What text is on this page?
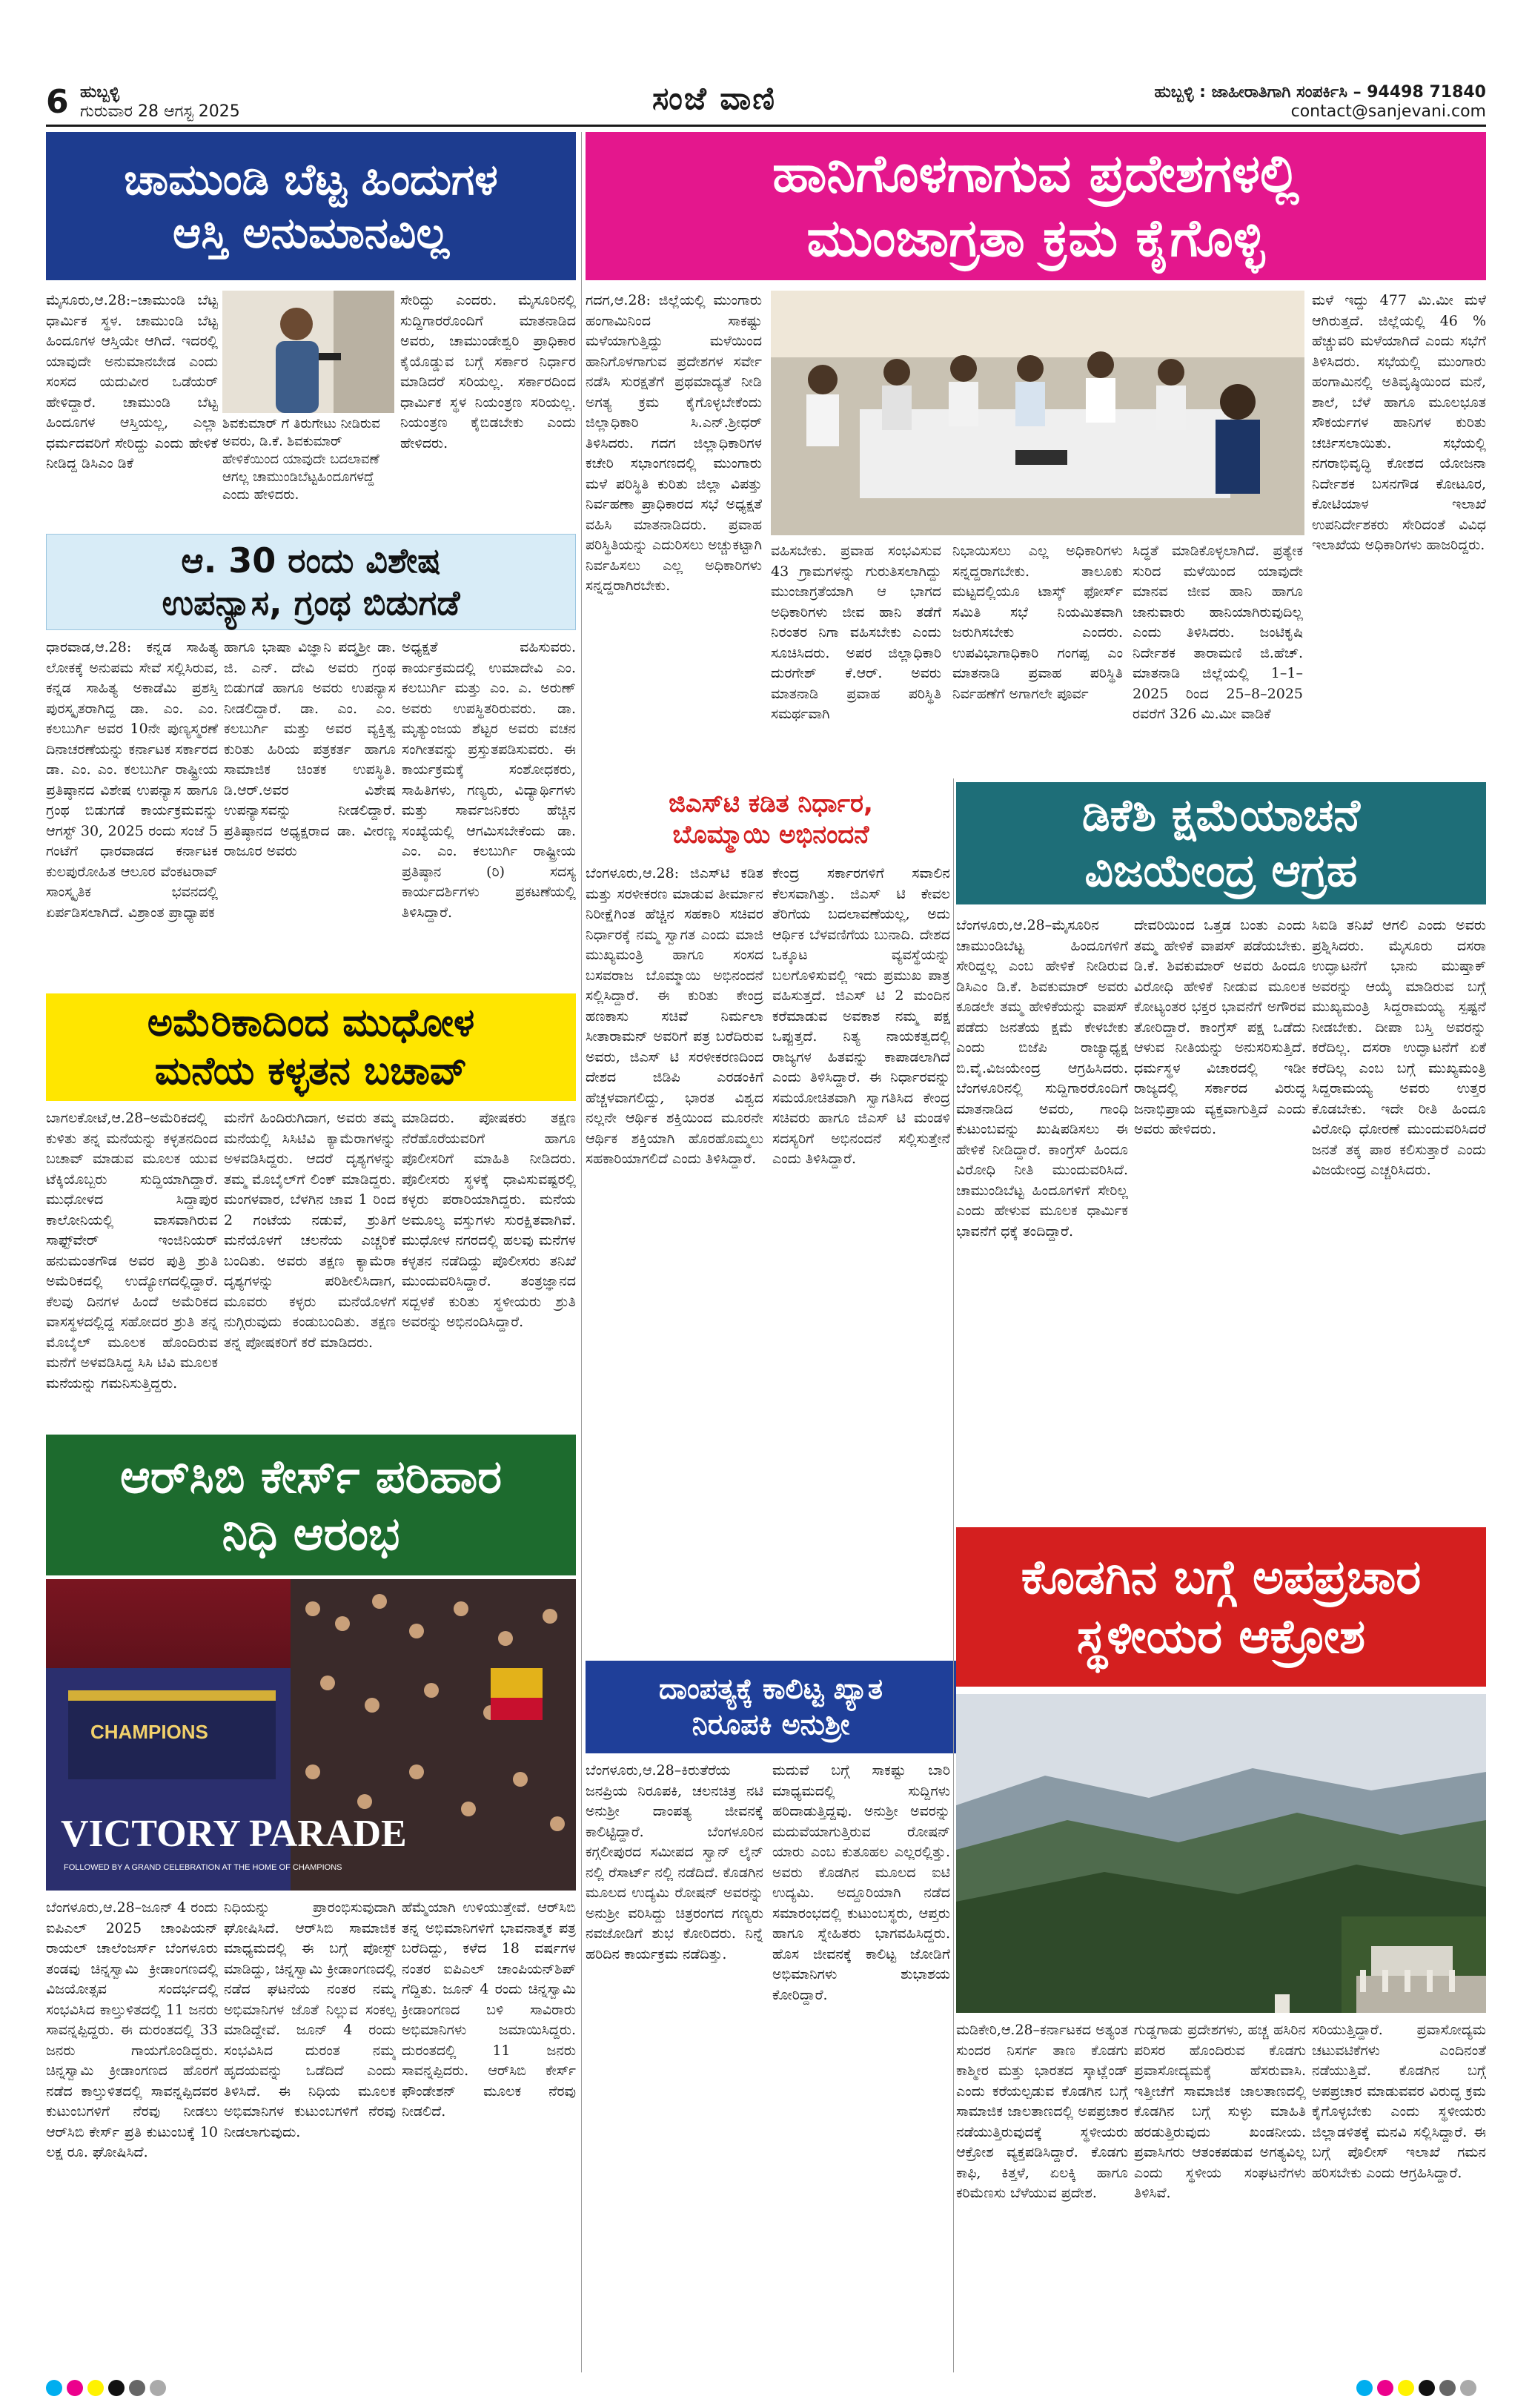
6 ಹುಬ್ಬಳ್ಳಿ
ಗುರುವಾರ 28 ಆಗಸ್ಟ 2025	ಸಂಜೆ ವಾಣಿ	ಹುಬ್ಬಳ್ಳಿ : ಜಾಹೀರಾತಿಗಾಗಿ ಸಂಪರ್ಕಿಸಿ – 94498 71840
contact@sanjevani.com
ಚಾಮುಂಡಿ ಬೆಟ್ಟ ಹಿಂದುಗಳ
ಆಸ್ತಿ ಅನುಮಾನವಿಲ್ಲ

ಮೈಸೂರು,ಆ.28:–ಚಾಮುಂಡಿ ಬೆಟ್ಟ ಧಾರ್ಮಿಕ ಸ್ಥಳ. ಚಾಮುಂಡಿ ಬೆಟ್ಟ ಹಿಂದೂಗಳ ಆಸ್ತಿಯೇ ಆಗಿದೆ. ಇದರಲ್ಲಿ ಯಾವುದೇ ಅನುಮಾನಬೇಡ ಎಂದು ಸಂಸದ ಯದುವೀರ ಒಡೆಯರ್ ಹೇಳಿದ್ದಾರೆ. ಚಾಮುಂಡಿ ಬೆಟ್ಟ ಹಿಂದೂಗಳ ಆಸ್ತಿಯಲ್ಲ, ಎಲ್ಲಾ ಧರ್ಮದವರಿಗೆ ಸೇರಿದ್ದು ಎಂದು ಹೇಳಿಕೆ ನೀಡಿದ್ದ ಡಿಸಿಎಂ ಡಿಕೆ

ಶಿವಕುಮಾರ್ ಗೆ ತಿರುಗೇಟು ನೀಡಿರುವ ಅವರು, ಡಿ.ಕೆ. ಶಿವಕುಮಾರ್ ಹೇಳಿಕೆಯಿಂದ ಯಾವುದೇ ಬದಲಾವಣೆ ಆಗಲ್ಲ ಚಾಮುಂಡಿಬೆಟ್ಟಹಿಂದೂಗಳದ್ದೆ ಎಂದು ಹೇಳಿದರು.

ಸೇರಿದ್ದು ಎಂದರು. ಮೈಸೂರಿನಲ್ಲಿ ಸುದ್ದಿಗಾರರೊಂದಿಗೆ ಮಾತನಾಡಿದ ಅವರು, ಚಾಮುಂಡೇಶ್ವರಿ ಪ್ರಾಧಿಕಾರ ಕೈಯೊಡ್ಡುವ ಬಗ್ಗೆ ಸರ್ಕಾರ ನಿರ್ಧಾರ ಮಾಡಿದರೆ ಸರಿಯಲ್ಲ. ಸರ್ಕಾರದಿಂದ ಧಾರ್ಮಿಕ ಸ್ಥಳ ನಿಯಂತ್ರಣ ಸರಿಯಲ್ಲ. ನಿಯಂತ್ರಣ ಕೈಬಿಡಬೇಕು ಎಂದು ಹೇಳಿದರು.

ಹಾನಿಗೊಳಗಾಗುವ ಪ್ರದೇಶಗಳಲ್ಲಿ
ಮುಂಜಾಗ್ರತಾ ಕ್ರಮ ಕೈಗೊಳ್ಳಿ

ಗದಗ,ಆ.28: ಜಿಲ್ಲೆಯಲ್ಲಿ ಮುಂಗಾರು ಹಂಗಾಮಿನಿಂದ ಸಾಕಷ್ಟು ಮಳೆಯಾಗುತ್ತಿದ್ದು ಮಳೆಯಿಂದ ಹಾನಿಗೊಳಗಾಗುವ ಪ್ರದೇಶಗಳ ಸರ್ವೇ ನಡೆಸಿ ಸುರಕ್ಷತೆಗೆ ಪ್ರಥಮಾದ್ಯತೆ ನೀಡಿ ಅಗತ್ಯ ಕ್ರಮ ಕೈಗೊಳ್ಳಬೇಕೆಂದು ಜಿಲ್ಲಾಧಿಕಾರಿ ಸಿ.ಎನ್.ಶ್ರೀಧರ್ ತಿಳಿಸಿದರು. ಗದಗ ಜಿಲ್ಲಾಧಿಕಾರಿಗಳ ಕಚೇರಿ ಸಭಾಂಗಣದಲ್ಲಿ ಮುಂಗಾರು ಮಳೆ ಪರಿಸ್ಥಿತಿ ಕುರಿತು ಜಿಲ್ಲಾ ವಿಪತ್ತು ನಿರ್ವಹಣಾ ಪ್ರಾಧಿಕಾರದ ಸಭೆ ಅಧ್ಯಕ್ಷತೆ ವಹಿಸಿ ಮಾತನಾಡಿದರು. ಪ್ರವಾಹ ಪರಿಸ್ಥಿತಿಯನ್ನು ಎದುರಿಸಲು ಅಚ್ಚುಕಟ್ಟಾಗಿ ನಿರ್ವಹಿಸಲು ಎಲ್ಲ ಅಧಿಕಾರಿಗಳು ಸನ್ನದ್ದರಾಗಿರಬೇಕು.

ವಹಿಸಬೇಕು. ಪ್ರವಾಹ ಸಂಭವಿಸುವ 43 ಗ್ರಾಮಗಳನ್ನು ಗುರುತಿಸಲಾಗಿದ್ದು ಮುಂಜಾಗ್ರತೆಯಾಗಿ ಆ ಭಾಗದ ಅಧಿಕಾರಿಗಳು ಜೀವ ಹಾನಿ ತಡೆಗೆ ನಿರಂತರ ನಿಗಾ ವಹಿಸಬೇಕು ಎಂದು ಸೂಚಿಸಿದರು. ಅಪರ ಜಿಲ್ಲಾಧಿಕಾರಿ ದುರಗೇಶ್ ಕೆ.ಆರ್. ಅವರು ಮಾತನಾಡಿ ಪ್ರವಾಹ ಪರಿಸ್ಥಿತಿ ಸಮರ್ಥವಾಗಿ

ನಿಭಾಯಿಸಲು ಎಲ್ಲ ಅಧಿಕಾರಿಗಳು ಸನ್ನದ್ದರಾಗಬೇಕು. ತಾಲೂಕು ಮಟ್ಟದಲ್ಲಿಯೂ ಟಾಸ್ಕ್ ಫೋರ್ಸ್ ಸಮಿತಿ ಸಭೆ ನಿಯಮಿತವಾಗಿ ಜರುಗಿಸಬೇಕು ಎಂದರು. ಉಪವಿಭಾಗಾಧಿಕಾರಿ ಗಂಗಪ್ಪ ಎಂ ಮಾತನಾಡಿ ಪ್ರವಾಹ ಪರಿಸ್ಥಿತಿ ನಿರ್ವಹಣೆಗೆ ಅಗಾಗಲೇ ಪೂರ್ವ

ಸಿದ್ಧತೆ ಮಾಡಿಕೊಳ್ಳಲಾಗಿದೆ. ಪ್ರತ್ಯೇಕ ಸುರಿದ ಮಳೆಯಿಂದ ಯಾವುದೇ ಮಾನವ ಜೀವ ಹಾನಿ ಹಾಗೂ ಜಾನುವಾರು ಹಾನಿಯಾಗಿರುವುದಿಲ್ಲ ಎಂದು ತಿಳಿಸಿದರು. ಜಂಟಿಕೃಷಿ ನಿರ್ದೇಶಕ ತಾರಾಮಣಿ ಜಿ.ಹೆಚ್. ಮಾತನಾಡಿ ಜಿಲ್ಲೆಯಲ್ಲಿ 1–1–2025 ರಿಂದ 25–8–2025 ರವರೆಗೆ 326 ಮಿ.ಮೀ ವಾಡಿಕೆ

ಮಳೆ ಇದ್ದು 477 ಮಿ.ಮೀ ಮಳೆ ಆಗಿರುತ್ತದೆ. ಜಿಲ್ಲೆಯಲ್ಲಿ 46 % ಹೆಚ್ಚುವರಿ ಮಳೆಯಾಗಿದೆ ಎಂದು ಸಭೆಗೆ ತಿಳಿಸಿದರು. ಸಭೆಯಲ್ಲಿ ಮುಂಗಾರು ಹಂಗಾಮಿನಲ್ಲಿ ಅತಿವೃಷ್ಠಿಯಿಂದ ಮನೆ, ಶಾಲೆ, ಬೆಳೆ ಹಾಗೂ ಮೂಲಭೂತ ಸೌಕರ್ಯಗಳ ಹಾನಿಗಳ ಕುರಿತು ಚರ್ಚಿಸಲಾಯಿತು. ಸಭೆಯಲ್ಲಿ ನಗರಾಭಿವೃದ್ಧಿ ಕೋಶದ ಯೋಜನಾ ನಿರ್ದೇಶಕ ಬಸನಗೌಡ ಕೋಟೂರ, ಕೋಟಿಯಾಳ ಇಲಾಖೆ ಉಪನಿರ್ದೇಶಕರು ಸೇರಿದಂತೆ ವಿವಿಧ ಇಲಾಖೆಯ ಅಧಿಕಾರಿಗಳು ಹಾಜರಿದ್ದರು.

ಆ. 30 ರಂದು ವಿಶೇಷ
ಉಪನ್ಯಾಸ, ಗ್ರಂಥ ಬಿಡುಗಡೆ

ಧಾರವಾಡ,ಆ.28: ಕನ್ನಡ ಸಾಹಿತ್ಯ ಲೋಕಕ್ಕೆ ಅನುಪಮ ಸೇವೆ ಸಲ್ಲಿಸಿರುವ, ಕನ್ನಡ ಸಾಹಿತ್ಯ ಅಕಾಡೆಮಿ ಪ್ರಶಸ್ತಿ ಪುರಸ್ಕೃತರಾಗಿದ್ದ ಡಾ. ಎಂ. ಎಂ. ಕಲಬುರ್ಗಿ ಅವರ 10ನೇ ಪುಣ್ಯಸ್ಮರಣೆ ದಿನಾಚರಣೆಯನ್ನು ಕರ್ನಾಟಕ ಸರ್ಕಾರದ ಡಾ. ಎಂ. ಎಂ. ಕಲಬುರ್ಗಿ ರಾಷ್ಟ್ರೀಯ ಪ್ರತಿಷ್ಠಾನದ ವಿಶೇಷ ಉಪನ್ಯಾಸ ಹಾಗೂ ಗ್ರಂಥ ಬಿಡುಗಡೆ ಕಾರ್ಯಕ್ರಮವನ್ನು ಆಗಸ್ಟ್ 30, 2025 ರಂದು ಸಂಜೆ 5 ಗಂಟೆಗೆ ಧಾರವಾಡದ ಕರ್ನಾಟಕ ಕುಲಪುರೋಹಿತ ಆಲೂರ ವೆಂಕಟರಾವ್ ಸಾಂಸ್ಕೃತಿಕ ಭವನದಲ್ಲಿ ಏರ್ಪಡಿಸಲಾಗಿದೆ. ವಿಶ್ರಾಂತ ಪ್ರಾಧ್ಯಾಪಕ

ಹಾಗೂ ಭಾಷಾ ವಿಜ್ಞಾನಿ ಪದ್ಮಶ್ರೀ ಡಾ. ಜಿ. ಎನ್. ದೇವಿ ಅವರು ಗ್ರಂಥ ಬಿಡುಗಡೆ ಹಾಗೂ ಅವರು ಉಪನ್ಯಾಸ ನೀಡಲಿದ್ದಾರೆ. ಡಾ. ಎಂ. ಎಂ. ಕಲಬುರ್ಗಿ ಮತ್ತು ಅವರ ವ್ಯಕ್ತಿತ್ವ ಕುರಿತು ಹಿರಿಯ ಪತ್ರಕರ್ತ ಹಾಗೂ ಸಾಮಾಜಿಕ ಚಿಂತಕ ಉಪಸ್ಥಿತಿ. ಡಿ.ಆರ್.ಅವರ ವಿಶೇಷ ಉಪನ್ಯಾಸವನ್ನು ನೀಡಲಿದ್ದಾರೆ. ಪ್ರತಿಷ್ಠಾನದ ಅಧ್ಯಕ್ಷರಾದ ಡಾ. ವೀರಣ್ಣ ರಾಜೂರ ಅವರು

ಅಧ್ಯಕ್ಷತೆ ವಹಿಸುವರು. ಕಾರ್ಯಕ್ರಮದಲ್ಲಿ ಉಮಾದೇವಿ ಎಂ. ಕಲಬುರ್ಗಿ ಮತ್ತು ಎಂ. ಎ. ಅರುಣ್ ಅವರು ಉಪಸ್ಥಿತರಿರುವರು. ಡಾ. ಮೃತ್ಯುಂಜಯ ಶೆಟ್ಟರ ಅವರು ವಚನ ಸಂಗೀತವನ್ನು ಪ್ರಸ್ತುತಪಡಿಸುವರು. ಈ ಕಾರ್ಯಕ್ರಮಕ್ಕೆ ಸಂಶೋಧಕರು, ಸಾಹಿತಿಗಳು, ಗಣ್ಯರು, ವಿದ್ಯಾರ್ಥಿಗಳು ಮತ್ತು ಸಾರ್ವಜನಿಕರು ಹೆಚ್ಚಿನ ಸಂಖ್ಯೆಯಲ್ಲಿ ಆಗಮಿಸಬೇಕೆಂದು ಡಾ. ಎಂ. ಎಂ. ಕಲಬುರ್ಗಿ ರಾಷ್ಟ್ರೀಯ ಪ್ರತಿಷ್ಠಾನ (ರಿ) ಸದಸ್ಯ ಕಾರ್ಯದರ್ಶಿಗಳು ಪ್ರಕಟಣೆಯಲ್ಲಿ ತಿಳಿಸಿದ್ದಾರೆ.

ಜಿಎಸ್‌ಟಿ ಕಡಿತ ನಿರ್ಧಾರ,
ಬೊಮ್ಮಾಯಿ ಅಭಿನಂದನೆ

ಬೆಂಗಳೂರು,ಆ.28: ಜಿಎಸ್‌ಟಿ ಕಡಿತ ಮತ್ತು ಸರಳೀಕರಣ ಮಾಡುವ ತೀರ್ಮಾನ ನಿರೀಕ್ಷೆಗಿಂತ ಹೆಚ್ಚಿನ ಸಹಕಾರಿ ಸಚಿವರ ನಿರ್ಧಾರಕ್ಕೆ ನಮ್ಮ ಸ್ವಾಗತ ಎಂದು ಮಾಜಿ ಮುಖ್ಯಮಂತ್ರಿ ಹಾಗೂ ಸಂಸದ ಬಸವರಾಜ ಬೊಮ್ಮಾಯಿ ಅಭಿನಂದನೆ ಸಲ್ಲಿಸಿದ್ದಾರೆ. ಈ ಕುರಿತು ಕೇಂದ್ರ ಹಣಕಾಸು ಸಚಿವೆ ನಿರ್ಮಲಾ ಸೀತಾರಾಮನ್ ಅವರಿಗೆ ಪತ್ರ ಬರೆದಿರುವ ಅವರು, ಜಿಎಸ್ ಟಿ ಸರಳೀಕರಣದಿಂದ ದೇಶದ ಜಿಡಿಪಿ ಎರಡಂಕಿಗೆ ಹೆಚ್ಚಳವಾಗಲಿದ್ದು, ಭಾರತ ವಿಶ್ವದ ನಲ್ಲನೇ ಆರ್ಥಿಕ ಶಕ್ತಿಯಿಂದ ಮೂರನೇ ಆರ್ಥಿಕ ಶಕ್ತಿಯಾಗಿ ಹೊರಹೊಮ್ಮಲು ಸಹಕಾರಿಯಾಗಲಿದೆ ಎಂದು ತಿಳಿಸಿದ್ದಾರೆ.

ಕೇಂದ್ರ ಸರ್ಕಾರಗಳಿಗೆ ಸವಾಲಿನ ಕೆಲಸವಾಗಿತ್ತು. ಜಿಎಸ್ ಟಿ ಕೇವಲ ತೆರಿಗೆಯ ಬದಲಾವಣೆಯಲ್ಲ, ಅದು ಆರ್ಥಿಕ ಬೆಳವಣಿಗೆಯ ಬುನಾದಿ. ದೇಶದ ಒಕ್ಕೂಟ ವ್ಯವಸ್ಥೆಯನ್ನು ಬಲಗೊಳಿಸುವಲ್ಲಿ ಇದು ಪ್ರಮುಖ ಪಾತ್ರ ವಹಿಸುತ್ತದೆ. ಜಿಎಸ್ ಟಿ 2 ಮಂದಿನ ಕರೆಮಾಡುವ ಅವಕಾಶ ನಮ್ಮ ಪಕ್ಷ ಒಪ್ಪುತ್ತದೆ. ನಿತ್ಯ ನಾಯಕತ್ವದಲ್ಲಿ ರಾಜ್ಯಗಳ ಹಿತವನ್ನು ಕಾಪಾಡಲಾಗಿದೆ ಎಂದು ತಿಳಿಸಿದ್ದಾರೆ. ಈ ನಿರ್ಧಾರವನ್ನು ಸಮಯೋಚಿತವಾಗಿ ಸ್ವಾಗತಿಸಿದ ಕೇಂದ್ರ ಸಚಿವರು ಹಾಗೂ ಜಿಎಸ್ ಟಿ ಮಂಡಳಿ ಸದಸ್ಯರಿಗೆ ಅಭಿನಂದನೆ ಸಲ್ಲಿಸುತ್ತೇನೆ ಎಂದು ತಿಳಿಸಿದ್ದಾರೆ.

ಅಮೆರಿಕಾದಿಂದ ಮುಧೋಳ
ಮನೆಯ ಕಳ್ಳತನ ಬಚಾವ್

ಬಾಗಲಕೋಟೆ,ಆ.28–ಅಮೆರಿಕದಲ್ಲಿ ಕುಳಿತು ತನ್ನ ಮನೆಯನ್ನು ಕಳ್ಳತನದಿಂದ ಬಚಾವ್ ಮಾಡುವ ಮೂಲಕ ಯುವ ಟೆಕ್ಕಿಯೊಬ್ಬರು ಸುದ್ದಿಯಾಗಿದ್ದಾರೆ. ಮುಧೋಳದ ಸಿದ್ದಾಪುರ ಕಾಲೋನಿಯಲ್ಲಿ ವಾಸವಾಗಿರುವ ಸಾಫ್ಟ್‌ವೇರ್ ಇಂಜಿನಿಯರ್ ಹನುಮಂತಗೌಡ ಅವರ ಪುತ್ರಿ ಶ್ರುತಿ ಅಮೆರಿಕದಲ್ಲಿ ಉದ್ಯೋಗದಲ್ಲಿದ್ದಾರೆ. ಕೆಲವು ದಿನಗಳ ಹಿಂದೆ ಅಮೆರಿಕದ ವಾಸಸ್ಥಳದಲ್ಲಿದ್ದ ಸಹೋದರ ಶ್ರುತಿ ತನ್ನ ಮೊಬೈಲ್ ಮೂಲಕ ಹೊಂದಿರುವ ಮನೆಗೆ ಅಳವಡಿಸಿದ್ದ ಸಿಸಿ ಟಿವಿ ಮೂಲಕ ಮನೆಯನ್ನು ಗಮನಿಸುತ್ತಿದ್ದರು.

ಮನೆಗೆ ಹಿಂದಿರುಗಿದಾಗ, ಅವರು ತಮ್ಮ ಮನೆಯಲ್ಲಿ ಸಿಸಿಟಿವಿ ಕ್ಯಾಮೆರಾಗಳನ್ನು ಅಳವಡಿಸಿದ್ದರು. ಆದರೆ ದೃಶ್ಯಗಳನ್ನು ತಮ್ಮ ಮೊಬೈಲ್‌ಗೆ ಲಿಂಕ್ ಮಾಡಿದ್ದರು. ಮಂಗಳವಾರ, ಬೆಳಗಿನ ಜಾವ 1 ರಿಂದ 2 ಗಂಟೆಯ ನಡುವೆ, ಶ್ರುತಿಗೆ ಮನೆಯೊಳಗೆ ಚಲನೆಯ ಎಚ್ಚರಿಕೆ ಬಂದಿತು. ಅವರು ತಕ್ಷಣ ಕ್ಯಾಮೆರಾ ದೃಶ್ಯಗಳನ್ನು ಪರಿಶೀಲಿಸಿದಾಗ, ಮೂವರು ಕಳ್ಳರು ಮನೆಯೊಳಗೆ ನುಗ್ಗಿರುವುದು ಕಂಡುಬಂದಿತು. ತಕ್ಷಣ ತನ್ನ ಪೋಷಕರಿಗೆ ಕರೆ ಮಾಡಿದರು.

ಮಾಡಿದರು. ಪೋಷಕರು ತಕ್ಷಣ ನೆರೆಹೊರೆಯವರಿಗೆ ಹಾಗೂ ಪೊಲೀಸರಿಗೆ ಮಾಹಿತಿ ನೀಡಿದರು. ಪೊಲೀಸರು ಸ್ಥಳಕ್ಕೆ ಧಾವಿಸುವಷ್ಟರಲ್ಲಿ ಕಳ್ಳರು ಪರಾರಿಯಾಗಿದ್ದರು. ಮನೆಯ ಅಮೂಲ್ಯ ವಸ್ತುಗಳು ಸುರಕ್ಷಿತವಾಗಿವೆ. ಮುಧೋಳ ನಗರದಲ್ಲಿ ಹಲವು ಮನೆಗಳ ಕಳ್ಳತನ ನಡೆದಿದ್ದು ಪೊಲೀಸರು ತನಿಖೆ ಮುಂದುವರಿಸಿದ್ದಾರೆ. ತಂತ್ರಜ್ಞಾನದ ಸದ್ಬಳಕೆ ಕುರಿತು ಸ್ಥಳೀಯರು ಶ್ರುತಿ ಅವರನ್ನು ಅಭಿನಂದಿಸಿದ್ದಾರೆ.

ಡಿಕೆಶಿ ಕ್ಷಮೆಯಾಚನೆ
ವಿಜಯೇಂದ್ರ ಆಗ್ರಹ

ಬೆಂಗಳೂರು,ಆ.28–ಮೈಸೂರಿನ ಚಾಮುಂಡಿಬೆಟ್ಟ ಹಿಂದೂಗಳಿಗೆ ಸೇರಿದ್ದಲ್ಲ ಎಂಬ ಹೇಳಿಕೆ ನೀಡಿರುವ ಡಿಸಿಎಂ ಡಿ.ಕೆ. ಶಿವಕುಮಾರ್ ಅವರು ಕೂಡಲೇ ತಮ್ಮ ಹೇಳಿಕೆಯನ್ನು ವಾಪಸ್ ಪಡೆದು ಜನತೆಯ ಕ್ಷಮೆ ಕೇಳಬೇಕು ಎಂದು ಬಿಜೆಪಿ ರಾಜ್ಯಾಧ್ಯಕ್ಷ ಬಿ.ವೈ.ವಿಜಯೇಂದ್ರ ಆಗ್ರಹಿಸಿದರು. ಬೆಂಗಳೂರಿನಲ್ಲಿ ಸುದ್ದಿಗಾರರೊಂದಿಗೆ ಮಾತನಾಡಿದ ಅವರು, ಗಾಂಧಿ ಕುಟುಂಬವನ್ನು ಖುಷಿಪಡಿಸಲು ಈ ಹೇಳಿಕೆ ನೀಡಿದ್ದಾರೆ. ಕಾಂಗ್ರೆಸ್ ಹಿಂದೂ ವಿರೋಧಿ ನೀತಿ ಮುಂದುವರಿಸಿದೆ. ಚಾಮುಂಡಿಬೆಟ್ಟ ಹಿಂದೂಗಳಿಗೆ ಸೇರಿಲ್ಲ ಎಂದು ಹೇಳುವ ಮೂಲಕ ಧಾರ್ಮಿಕ ಭಾವನೆಗೆ ಧಕ್ಕೆ ತಂದಿದ್ದಾರೆ.

ದೇವರಿಯಿಂದ ಒತ್ತಡ ಬಂತು ಎಂದು ತಮ್ಮ ಹೇಳಿಕೆ ವಾಪಸ್ ಪಡೆಯಬೇಕು. ಡಿ.ಕೆ. ಶಿವಕುಮಾರ್ ಅವರು ಹಿಂದೂ ವಿರೋಧಿ ಹೇಳಿಕೆ ನೀಡುವ ಮೂಲಕ ಕೋಟ್ಯಂತರ ಭಕ್ತರ ಭಾವನೆಗೆ ಅಗೌರವ ತೋರಿದ್ದಾರೆ. ಕಾಂಗ್ರೆಸ್ ಪಕ್ಷ ಒಡೆದು ಆಳುವ ನೀತಿಯನ್ನು ಅನುಸರಿಸುತ್ತಿದೆ. ಧರ್ಮಸ್ಥಳ ವಿಚಾರದಲ್ಲಿ ಇಡೀ ರಾಜ್ಯದಲ್ಲಿ ಸರ್ಕಾರದ ವಿರುದ್ಧ ಜನಾಭಿಪ್ರಾಯ ವ್ಯಕ್ತವಾಗುತ್ತಿದೆ ಎಂದು ಅವರು ಹೇಳಿದರು.

ಸಿಐಡಿ ತನಿಖೆ ಆಗಲಿ ಎಂದು ಅವರು ಪ್ರಶ್ನಿಸಿದರು. ಮೈಸೂರು ದಸರಾ ಉದ್ಘಾಟನೆಗೆ ಭಾನು ಮುಷ್ತಾಕ್ ಅವರನ್ನು ಆಯ್ಕೆ ಮಾಡಿರುವ ಬಗ್ಗೆ ಮುಖ್ಯಮಂತ್ರಿ ಸಿದ್ದರಾಮಯ್ಯ ಸ್ಪಷ್ಟನೆ ನೀಡಬೇಕು. ದೀಪಾ ಬಸ್ತಿ ಅವರನ್ನು ಕರೆದಿಲ್ಲ. ದಸರಾ ಉದ್ಘಾಟನೆಗೆ ಏಕೆ ಕರೆದಿಲ್ಲ ಎಂಬ ಬಗ್ಗೆ ಮುಖ್ಯಮಂತ್ರಿ ಸಿದ್ದರಾಮಯ್ಯ ಅವರು ಉತ್ತರ ಕೊಡಬೇಕು. ಇದೇ ರೀತಿ ಹಿಂದೂ ವಿರೋಧಿ ಧೋರಣೆ ಮುಂದುವರಿಸಿದರೆ ಜನತೆ ತಕ್ಕ ಪಾಠ ಕಲಿಸುತ್ತಾರೆ ಎಂದು ವಿಜಯೇಂದ್ರ ಎಚ್ಚರಿಸಿದರು.

ಆರ್‌ಸಿಬಿ ಕೇರ್ಸ್ ಪರಿಹಾರ
ನಿಧಿ ಆರಂಭ
CHAMPIONS
VICTORY PARADE
FOLLOWED BY A GRAND CELEBRATION AT THE HOME OF CHAMPIONS

ಬೆಂಗಳೂರು,ಆ.28–ಜೂನ್ 4 ರಂದು ಐಪಿಎಲ್ 2025 ಚಾಂಪಿಯನ್ ರಾಯಲ್ ಚಾಲೆಂಜರ್ಸ್ ಬೆಂಗಳೂರು ತಂಡವು ಚಿನ್ನಸ್ವಾಮಿ ಕ್ರೀಡಾಂಗಣದಲ್ಲಿ ವಿಜಯೋತ್ಸವ ಸಂದರ್ಭದಲ್ಲಿ ಸಂಭವಿಸಿದ ಕಾಲ್ತುಳಿತದಲ್ಲಿ 11 ಜನರು ಸಾವನ್ನಪ್ಪಿದ್ದರು. ಈ ದುರಂತದಲ್ಲಿ 33 ಜನರು ಗಾಯಗೊಂಡಿದ್ದರು. ಚಿನ್ನಸ್ವಾಮಿ ಕ್ರೀಡಾಂಗಣದ ಹೊರಗೆ ನಡೆದ ಕಾಲ್ತುಳಿತದಲ್ಲಿ ಸಾವನ್ನಪ್ಪಿದವರ ಕುಟುಂಬಗಳಿಗೆ ನೆರವು ನೀಡಲು ಆರ್‌ಸಿಬಿ ಕೇರ್ಸ್ ಪ್ರತಿ ಕುಟುಂಬಕ್ಕೆ 10 ಲಕ್ಷ ರೂ. ಘೋಷಿಸಿದೆ.

ನಿಧಿಯನ್ನು ಪ್ರಾರಂಭಿಸುವುದಾಗಿ ಘೋಷಿಸಿದೆ. ಆರ್‌ಸಿಬಿ ಸಾಮಾಜಿಕ ಮಾಧ್ಯಮದಲ್ಲಿ ಈ ಬಗ್ಗೆ ಪೋಸ್ಟ್ ಮಾಡಿದ್ದು, ಚಿನ್ನಸ್ವಾಮಿ ಕ್ರೀಡಾಂಗಣದಲ್ಲಿ ನಡೆದ ಘಟನೆಯ ನಂತರ ನಮ್ಮ ಅಭಿಮಾನಿಗಳ ಜೊತೆ ನಿಲ್ಲುವ ಸಂಕಲ್ಪ ಮಾಡಿದ್ದೇವೆ. ಜೂನ್ 4 ರಂದು ಸಂಭವಿಸಿದ ದುರಂತ ನಮ್ಮ ಹೃದಯವನ್ನು ಒಡೆದಿದೆ ಎಂದು ತಿಳಿಸಿದೆ. ಈ ನಿಧಿಯ ಮೂಲಕ ಅಭಿಮಾನಿಗಳ ಕುಟುಂಬಗಳಿಗೆ ನೆರವು ನೀಡಲಾಗುವುದು.

ಹೆಮ್ಮೆಯಾಗಿ ಉಳಿಯುತ್ತೇವೆ. ಆರ್‌ಸಿಬಿ ತನ್ನ ಅಭಿಮಾನಿಗಳಿಗೆ ಭಾವನಾತ್ಮಕ ಪತ್ರ ಬರೆದಿದ್ದು, ಕಳೆದ 18 ವರ್ಷಗಳ ನಂತರ ಐಪಿಎಲ್ ಚಾಂಪಿಯನ್‌ಶಿಪ್ ಗೆದ್ದಿತು. ಜೂನ್ 4 ರಂದು ಚಿನ್ನಸ್ವಾಮಿ ಕ್ರೀಡಾಂಗಣದ ಬಳಿ ಸಾವಿರಾರು ಅಭಿಮಾನಿಗಳು ಜಮಾಯಿಸಿದ್ದರು. ದುರಂತದಲ್ಲಿ 11 ಜನರು ಸಾವನ್ನಪ್ಪಿದರು. ಆರ್‌ಸಿಬಿ ಕೇರ್ಸ್ ಫೌಂಡೇಶನ್ ಮೂಲಕ ನೆರವು ನೀಡಲಿದೆ.

ದಾಂಪತ್ಯಕ್ಕೆ ಕಾಲಿಟ್ಟ ಖ್ಯಾತ
ನಿರೂಪಕಿ ಅನುಶ್ರೀ

ಬೆಂಗಳೂರು,ಆ.28–ಕಿರುತೆರೆಯ ಜನಪ್ರಿಯ ನಿರೂಪಕಿ, ಚಲನಚಿತ್ರ ನಟಿ ಅನುಶ್ರೀ ದಾಂಪತ್ಯ ಜೀವನಕ್ಕೆ ಕಾಲಿಟ್ಟಿದ್ದಾರೆ. ಬೆಂಗಳೂರಿನ ಕಗ್ಗಲೀಪುರದ ಸಮೀಪದ ಸ್ವಾನ್ ಲೈನ್ ನಲ್ಲಿ ರೆಸಾರ್ಟ್ ನಲ್ಲಿ ನಡೆದಿದೆ. ಕೊಡಗಿನ ಮೂಲದ ಉದ್ಯಮಿ ರೋಷನ್ ಅವರನ್ನು ಅನುಶ್ರೀ ವರಿಸಿದ್ದು ಚಿತ್ರರಂಗದ ಗಣ್ಯರು ನವಜೋಡಿಗೆ ಶುಭ ಕೋರಿದರು. ನಿನ್ನೆ ಹರಿದಿನ ಕಾರ್ಯಕ್ರಮ ನಡೆದಿತ್ತು.

ಮದುವೆ ಬಗ್ಗೆ ಸಾಕಷ್ಟು ಬಾರಿ ಮಾಧ್ಯಮದಲ್ಲಿ ಸುದ್ದಿಗಳು ಹರಿದಾಡುತ್ತಿದ್ದವು. ಅನುಶ್ರೀ ಅವರನ್ನು ಮದುವೆಯಾಗುತ್ತಿರುವ ರೋಷನ್ ಯಾರು ಎಂಬ ಕುತೂಹಲ ಎಲ್ಲರಲ್ಲಿತ್ತು. ಅವರು ಕೊಡಗಿನ ಮೂಲದ ಐಟಿ ಉದ್ಯಮಿ. ಅದ್ದೂರಿಯಾಗಿ ನಡೆದ ಸಮಾರಂಭದಲ್ಲಿ ಕುಟುಂಬಸ್ಥರು, ಆಪ್ತರು ಹಾಗೂ ಸ್ನೇಹಿತರು ಭಾಗವಹಿಸಿದ್ದರು. ಹೊಸ ಜೀವನಕ್ಕೆ ಕಾಲಿಟ್ಟ ಜೋಡಿಗೆ ಅಭಿಮಾನಿಗಳು ಶುಭಾಶಯ ಕೋರಿದ್ದಾರೆ.

ಕೊಡಗಿನ ಬಗ್ಗೆ ಅಪಪ್ರಚಾರ
ಸ್ಥಳೀಯರ ಆಕ್ರೋಶ

ಮಡಿಕೇರಿ,ಆ.28–ಕರ್ನಾಟಕದ ಅತ್ಯಂತ ಸುಂದರ ನಿಸರ್ಗ ತಾಣ ಕೊಡಗು ಕಾಶ್ಮೀರ ಮತ್ತು ಭಾರತದ ಸ್ಕಾಟ್ಲೆಂಡ್ ಎಂದು ಕರೆಯಲ್ಪಡುವ ಕೊಡಗಿನ ಬಗ್ಗೆ ಸಾಮಾಜಿಕ ಜಾಲತಾಣದಲ್ಲಿ ಅಪಪ್ರಚಾರ ನಡೆಯುತ್ತಿರುವುದಕ್ಕೆ ಸ್ಥಳೀಯರು ಆಕ್ರೋಶ ವ್ಯಕ್ತಪಡಿಸಿದ್ದಾರೆ. ಕೊಡಗು ಕಾಫಿ, ಕಿತ್ತಳೆ, ಏಲಕ್ಕಿ ಹಾಗೂ ಕರಿಮೆಣಸು ಬೆಳೆಯುವ ಪ್ರದೇಶ.

ಗುಡ್ಡಗಾಡು ಪ್ರದೇಶಗಳು, ಹಚ್ಚ ಹಸಿರಿನ ಪರಿಸರ ಹೊಂದಿರುವ ಕೊಡಗು ಪ್ರವಾಸೋದ್ಯಮಕ್ಕೆ ಹೆಸರುವಾಸಿ. ಇತ್ತೀಚೆಗೆ ಸಾಮಾಜಿಕ ಜಾಲತಾಣದಲ್ಲಿ ಕೊಡಗಿನ ಬಗ್ಗೆ ಸುಳ್ಳು ಮಾಹಿತಿ ಹರಡುತ್ತಿರುವುದು ಖಂಡನೀಯ. ಪ್ರವಾಸಿಗರು ಆತಂಕಪಡುವ ಅಗತ್ಯವಿಲ್ಲ ಎಂದು ಸ್ಥಳೀಯ ಸಂಘಟನೆಗಳು ತಿಳಿಸಿವೆ.

ಸರಿಯುತ್ತಿದ್ದಾರೆ. ಪ್ರವಾಸೋದ್ಯಮ ಚಟುವಟಿಕೆಗಳು ಎಂದಿನಂತೆ ನಡೆಯುತ್ತಿವೆ. ಕೊಡಗಿನ ಬಗ್ಗೆ ಅಪಪ್ರಚಾರ ಮಾಡುವವರ ವಿರುದ್ಧ ಕ್ರಮ ಕೈಗೊಳ್ಳಬೇಕು ಎಂದು ಸ್ಥಳೀಯರು ಜಿಲ್ಲಾಡಳಿತಕ್ಕೆ ಮನವಿ ಸಲ್ಲಿಸಿದ್ದಾರೆ. ಈ ಬಗ್ಗೆ ಪೊಲೀಸ್ ಇಲಾಖೆ ಗಮನ ಹರಿಸಬೇಕು ಎಂದು ಆಗ್ರಹಿಸಿದ್ದಾರೆ.
